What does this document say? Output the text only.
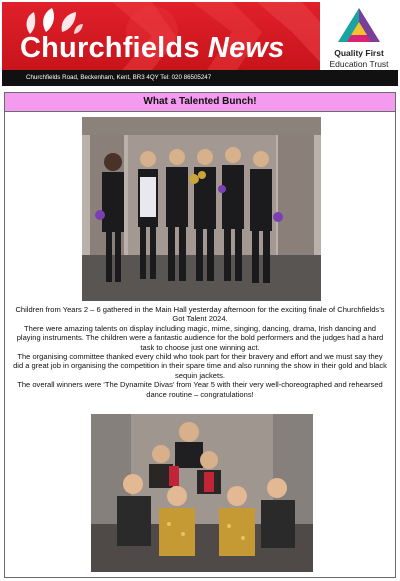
Churchfields News	Quality First
Education Trust
Churchfields Road, Beckenham, Kent, BR3 4QY Tel: 020 86505247
What a Talented Bunch!

Children from Years 2 – 6 gathered in the Main Hall yesterday afternoon for the exciting finale of Churchfields’s Got Talent 2024.

There were amazing talents on display including magic, mime, singing, dancing, drama, Irish dancing and playing instruments. The children were a fantastic audience for the bold performers and the judges had a hard task to choose just one winning act.

The organising committee thanked every child who took part for their bravery and effort and we must say they did a great job in organising the competition in their spare time and also running the show in their gold and black sequin jackets.

The overall winners were ‘The Dynamite Divas’ from Year 5 with their very well-choreographed and rehearsed dance routine – congratulations!
